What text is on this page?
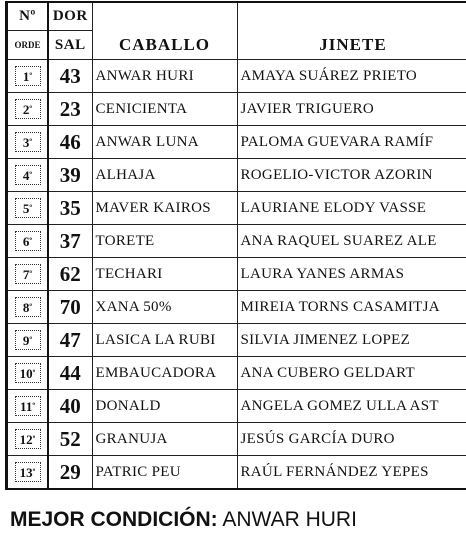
Nº	DOR	CABALLO	JINETE
ORDE	SAL		
$1^º$	43	ANWAR HURI	AMAYA SUÁREZ PRIETO
$2^º$	23	CENICIENTA	JAVIER TRIGUERO
$3^º$	46	ANWAR LUNA	PALOMA GUEVARA RAMÍF
$4^º$	39	ALHAJA	ROGELIO-VICTOR AZORIN
$5^º$	35	MAVER KAIROS	LAURIANE ELODY VASSE
$6^º$	37	TORETE	ANA RAQUEL SUAREZ ALE
$7^º$	62	TECHARI	LAURA YANES ARMAS
$8^º$	70	XANA 50%	MIREIA TORNS CASAMITJA
$9^º$	47	LASICA LA RUBI	SILVIA JIMENEZ LOPEZ
$10^º$	44	EMBAUCADORA	ANA CUBERO GELDART
$11^º$	40	DONALD	ANGELA GOMEZ ULLA AST
$12^º$	52	GRANUJA	JESÚS GARCÍA DURO
$13^º$	29	PATRIC PEU	RAÚL FERNÁNDEZ YEPES
MEJOR CONDICIÓN: ANWAR HURI
